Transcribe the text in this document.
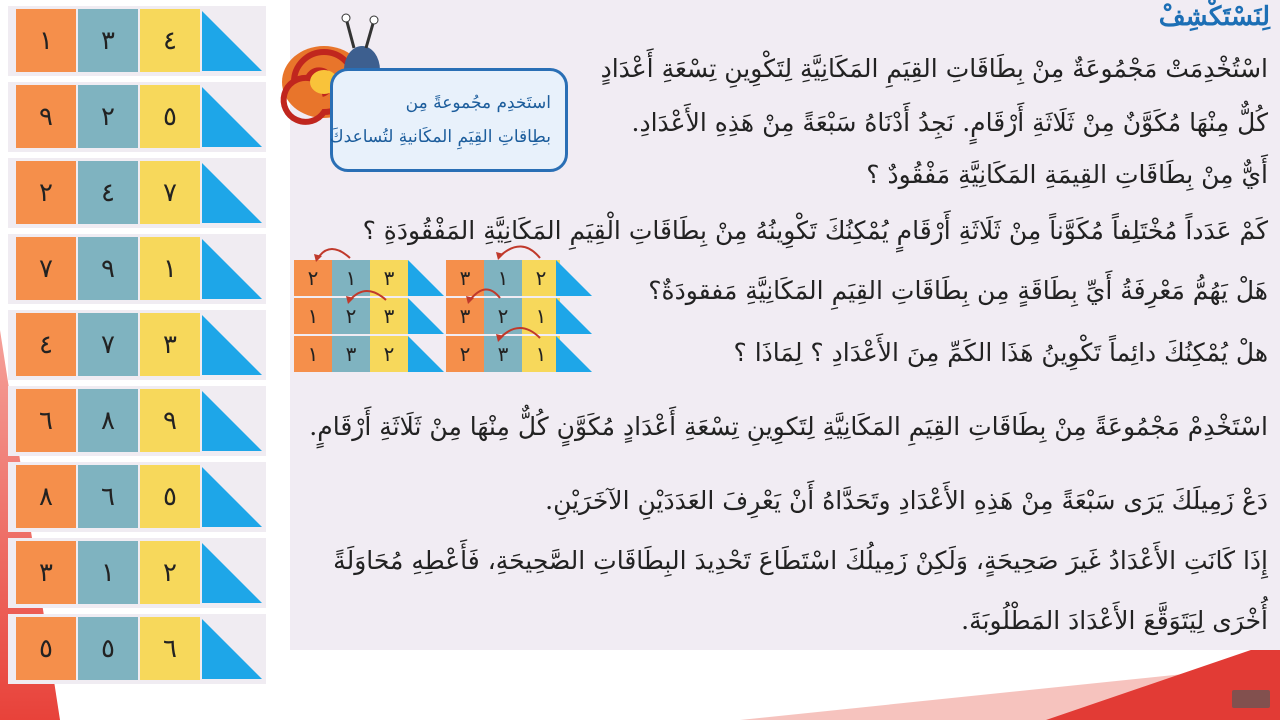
١	٣	٤
٩	٢	٥
٢	٤	٧
٧	٩	١
٤	٧	٣
٦	٨	٩
٨	٦	٥
٣	١	٢
٥	٥	٦
لِنَسْتَكْشِفْ
اسْتُخْدِمَتْ مَجْمُوعَةٌ مِنْ بِطَاقَاتِ القِيَمِ المَكَانِيَّةِ لِتَكْوِينِ تِسْعَةِ أَعْدَادٍ
كُلٌّ مِنْهَا مُكَوَّنٌ مِنْ ثَلَاثَةِ أَرْقَامٍ. نَجِدُ أَدْنَاهُ سَبْعَةً مِنْ هَذِهِ الأَعْدَادِ.
أَيٌّ مِنْ بِطَاقَاتِ القِيمَةِ المَكَانِيَّةِ مَفْقُودٌ ؟
كَمْ عَدَداً مُخْتَلِفاً مُكَوَّناً مِنْ ثَلَاثَةِ أَرْقَامٍ يُمْكِنُكَ تَكْوِينُهُ مِنْ بِطَاقَاتِ الْقِيَمِ المَكَانِيَّةِ المَفْقُودَةِ ؟
هَلْ يَهُمُّ مَعْرِفَةُ أَيِّ بِطَاقَةٍ مِن بِطَاقَاتِ القِيَمِ المَكَانِيَّةِ مَفقودَةٌ؟
هلْ يُمْكِنُكَ دائِماً تَكْوِينُ هَذَا الكَمِّ مِنَ الأَعْدَادِ ؟ لِمَاذَا ؟
اسْتَخْدِمْ مَجْمُوعَةً مِنْ بِطَاقَاتِ القِيَمِ المَكَانِيَّةِ لِتَكوِينِ تِسْعَةِ أَعْدَادٍ مُكَوَّنٍ كُلٌّ مِنْهَا مِنْ ثَلَاثَةِ أَرْقَامٍ.
دَعْ زَمِيلَكَ يَرَى سَبْعَةً مِنْ هَذِهِ الأَعْدَادِ وتَحَدَّاهُ أَنْ يَعْرِفَ العَدَدَيْنِ الآخَرَيْنِ.
إِذَا كَانَتِ الأَعْدَادُ غَيرَ صَحِيحَةٍ، وَلَكِنْ زَمِيلُكَ اسْتَطَاعَ تَحْدِيدَ البِطَاقَاتِ الصَّحِيحَةِ، فَأَعْطِهِ مُحَاوَلَةً
أُخْرَى لِيَتَوَقَّعَ الأَعْدَادَ المَطْلُوبَةَ.
استَخدِم مجُموعةً مِن
بطِاقاتِ القِيَمِ المكَانيةِ لتُساعدكَ
٢	١	٣
١	٢	٣
١	٣	٢
٣	١	٢
٣	٢	١
٢	٣	١
